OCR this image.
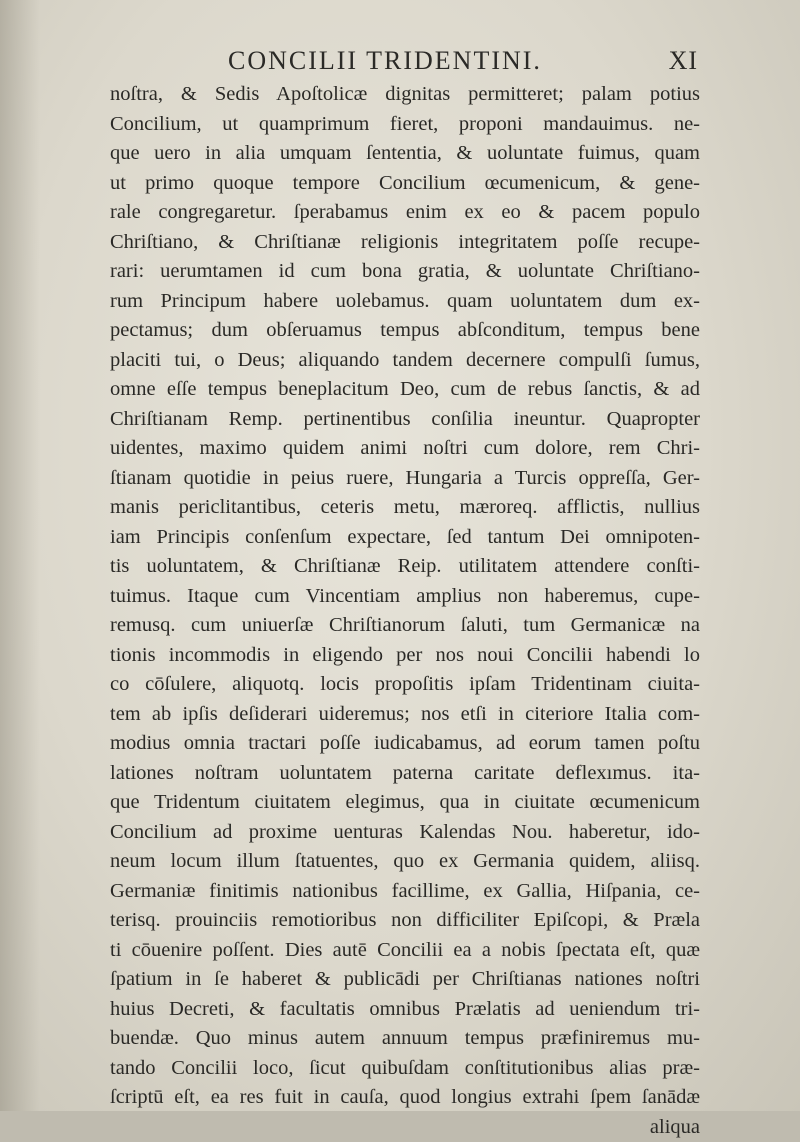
CONCILII TRIDENTINI.	XI
noſtra, & Sedis Apoſtolicæ dignitas permitteret; palam potius
Concilium, ut quamprimum fieret, proponi mandauimus. ne-
que uero in alia umquam ſententia, & uoluntate fuimus, quam
ut primo quoque tempore Concilium œcumenicum, & gene-
rale congregaretur. ſperabamus enim ex eo & pacem populo
Chriſtiano, & Chriſtianæ religionis integritatem poſſe recupe-
rari: uerumtamen id cum bona gratia, & uoluntate Chriſtiano-
rum Principum habere uolebamus. quam uoluntatem dum ex-
pectamus; dum obſeruamus tempus abſconditum, tempus bene
placiti tui, o Deus; aliquando tandem decernere compulſi ſumus,
omne eſſe tempus beneplacitum Deo, cum de rebus ſanctis, & ad
Chriſtianam Remp. pertinentibus conſilia ineuntur. Quapropter
uidentes, maximo quidem animi noſtri cum dolore, rem Chri-
ſtianam quotidie in peius ruere, Hungaria a Turcis oppreſſa, Ger-
manis periclitantibus, ceteris metu, mæroreq. afflictis, nullius
iam Principis conſenſum expectare, ſed tantum Dei omnipoten-
tis uoluntatem, & Chriſtianæ Reip. utilitatem attendere conſti-
tuimus. Itaque cum Vincentiam amplius non haberemus, cupe-
remusq. cum uniuerſæ Chriſtianorum ſaluti, tum Germanicæ na
tionis incommodis in eligendo per nos noui Concilii habendi lo
co cōſulere, aliquotq. locis propoſitis ipſam Tridentinam ciuita-
tem ab ipſis deſiderari uideremus; nos etſi in citeriore Italia com-
modius omnia tractari poſſe iudicabamus, ad eorum tamen poſtu
lationes noſtram uoluntatem paterna caritate deflexımus. ita-
que Tridentum ciuitatem elegimus, qua in ciuitate œcumenicum
Concilium ad proxime uenturas Kalendas Nou. haberetur, ido-
neum locum illum ſtatuentes, quo ex Germania quidem, aliisq.
Germaniæ finitimis nationibus facillime, ex Gallia, Hiſpania, ce-
terisq. prouinciis remotioribus non difficiliter Epiſcopi, & Præla
ti cōuenire poſſent. Dies autē Concilii ea a nobis ſpectata eſt, quæ
ſpatium in ſe haberet & publicādi per Chriſtianas nationes noſtri
huius Decreti, & facultatis omnibus Prælatis ad ueniendum tri-
buendæ. Quo minus autem annuum tempus præfiniremus mu-
tando Concilii loco, ſicut quibuſdam conſtitutionibus alias præ-
ſcriptū eſt, ea res fuit in cauſa, quod longius extrahi ſpem ſanādæ
aliqua
